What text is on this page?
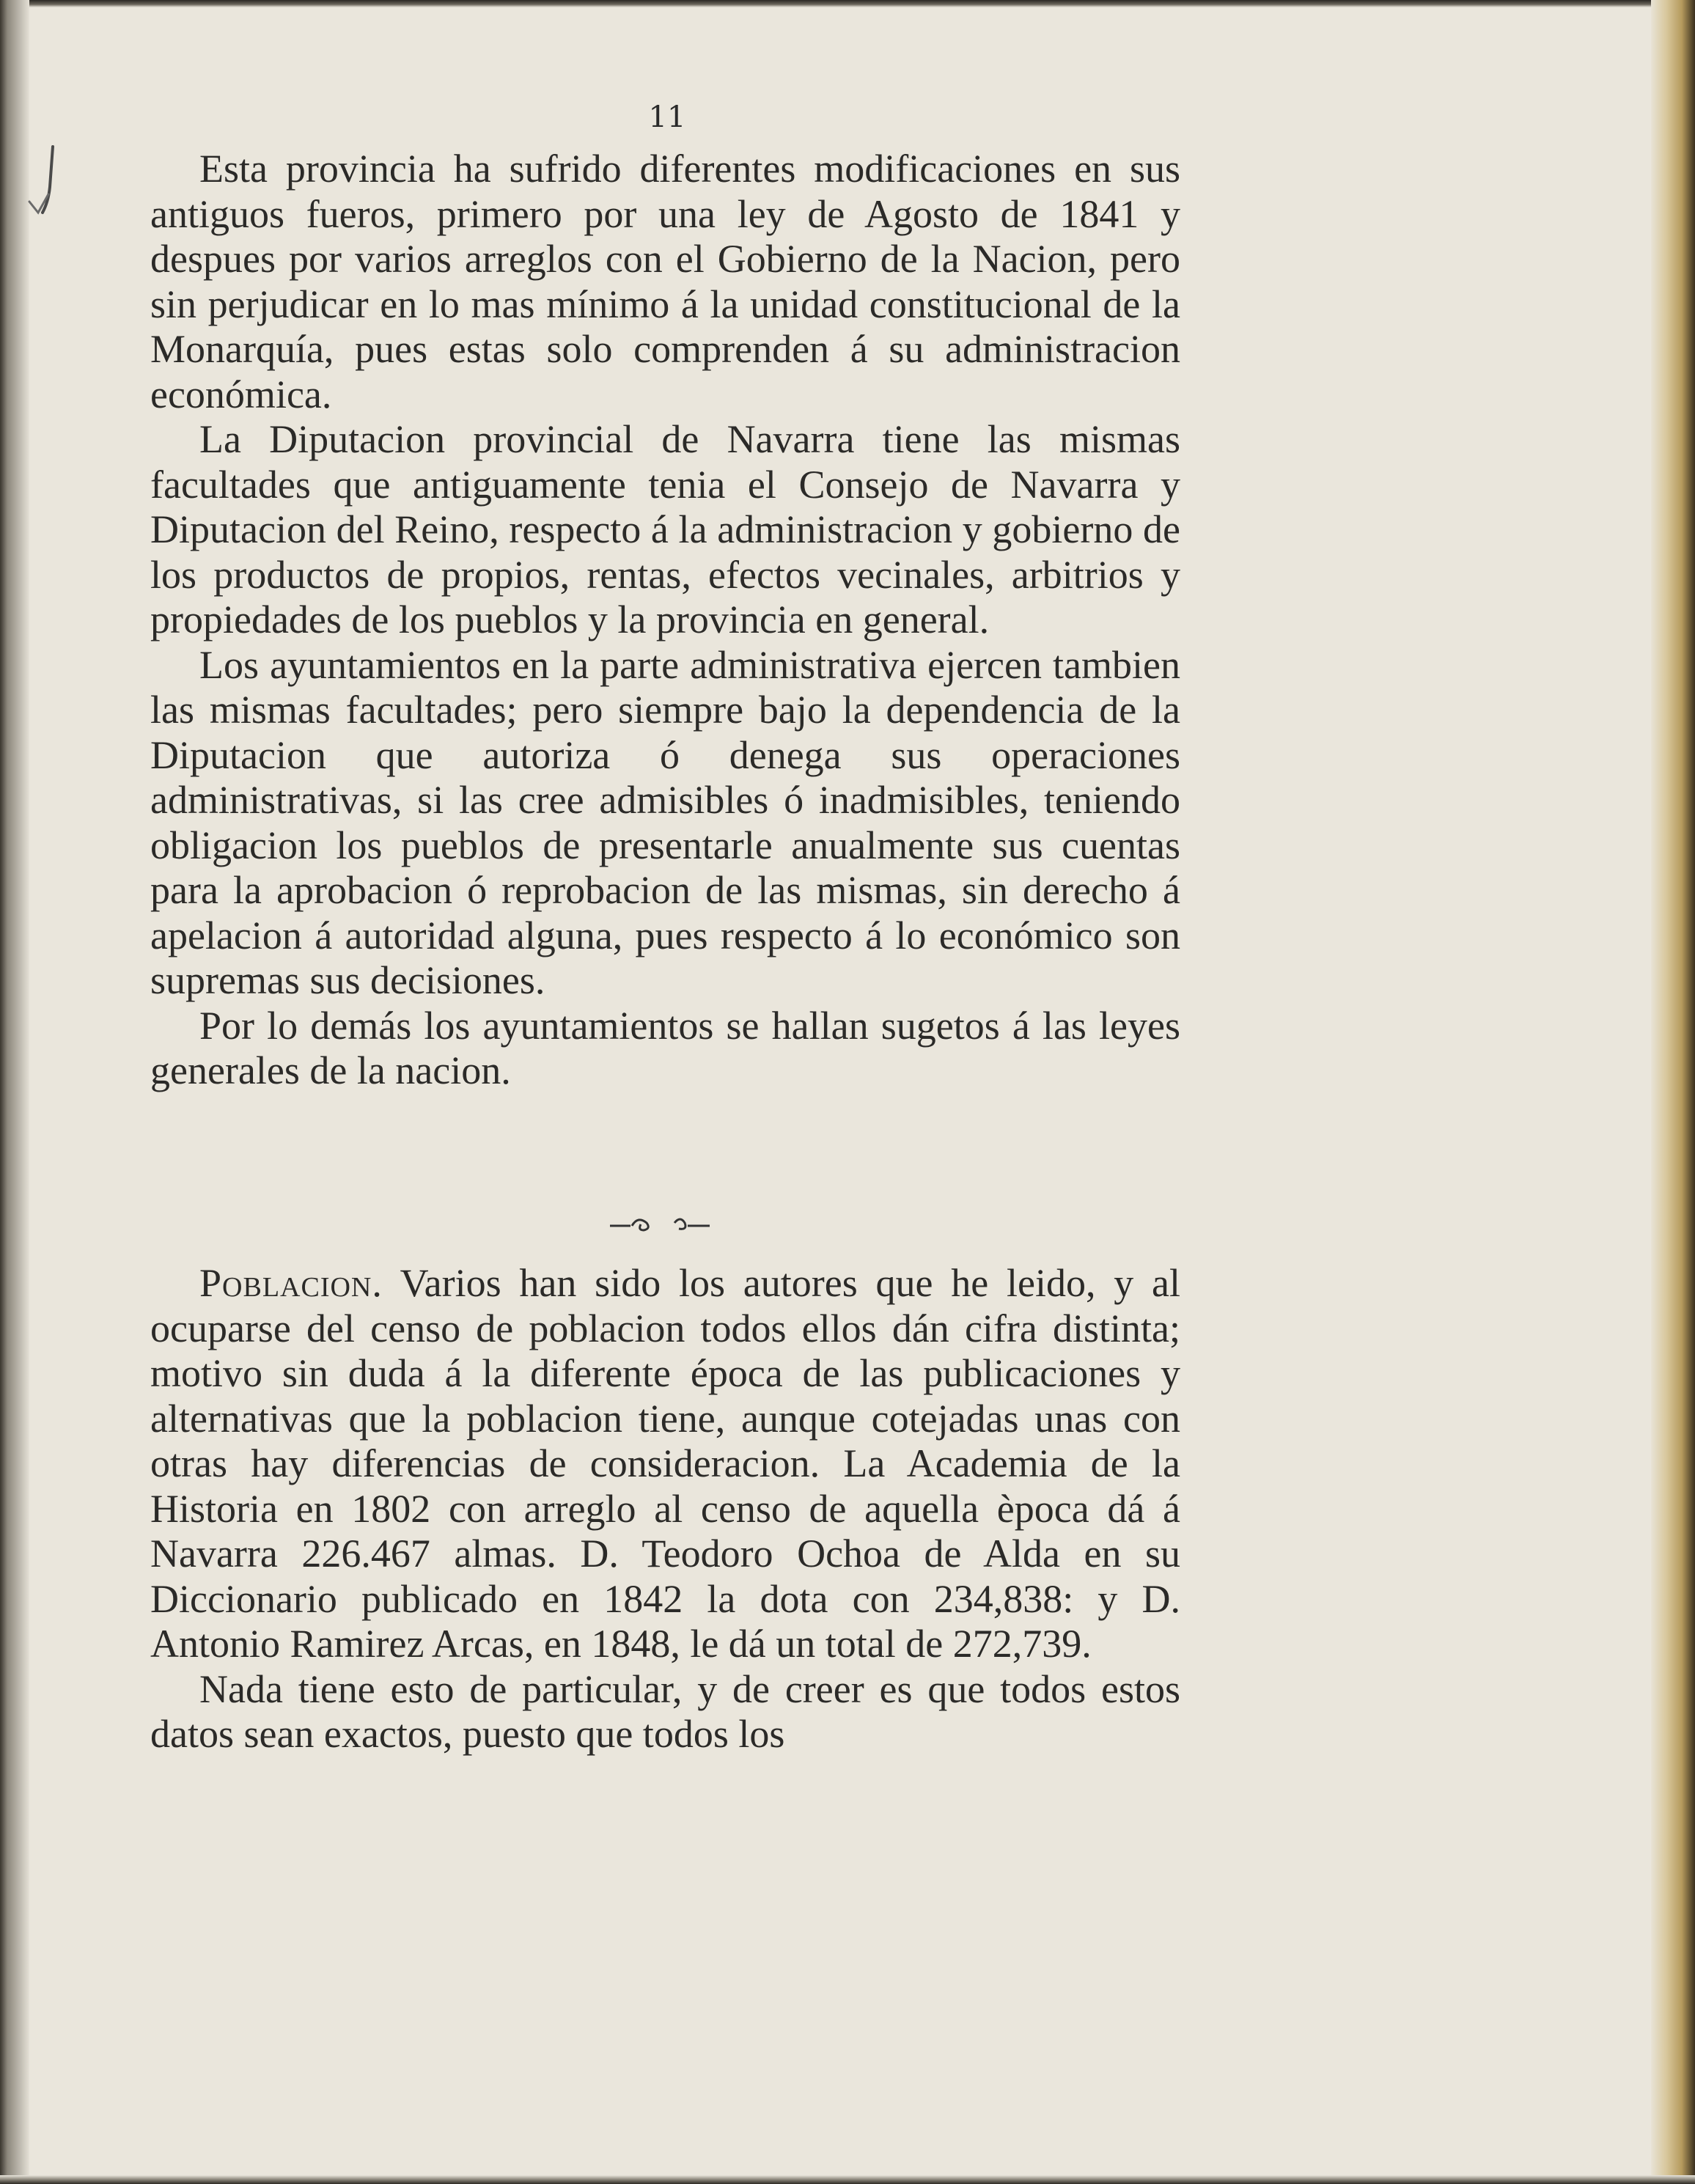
11

Esta provincia ha sufrido diferentes modificaciones en sus antiguos fueros, primero por una ley de Agosto de 1841 y despues por varios arreglos con el Gobierno de la Nacion, pero sin perjudicar en lo mas mínimo á la unidad constitucional de la Monarquía, pues estas solo comprenden á su administracion económica.

La Diputacion provincial de Navarra tiene las mismas facultades que antiguamente tenia el Consejo de Navarra y Diputacion del Reino, respecto á la administracion y gobierno de los productos de propios, rentas, efectos vecinales, arbitrios y propiedades de los pueblos y la provincia en general.

Los ayuntamientos en la parte administrativa ejercen tambien las mismas facultades; pero siempre bajo la dependencia de la Diputacion que autoriza ó denega sus operaciones administrativas, si las cree admisibles ó inadmisibles, teniendo obligacion los pueblos de presentarle anualmente sus cuentas para la aprobacion ó reprobacion de las mismas, sin derecho á apelacion á autoridad alguna, pues respecto á lo económico son supremas sus decisiones.

Por lo demás los ayuntamientos se hallan sugetos á las leyes generales de la nacion.

Poblacion. Varios han sido los autores que he leido, y al ocuparse del censo de poblacion todos ellos dán cifra distinta; motivo sin duda á la diferente época de las publicaciones y alternativas que la poblacion tiene, aunque cotejadas unas con otras hay diferencias de consideracion. La Academia de la Historia en 1802 con arreglo al censo de aquella època dá á Navarra 226.467 almas. D. Teodoro Ochoa de Alda en su Diccionario publicado en 1842 la dota con 234,838: y D. Antonio Ramirez Arcas, en 1848, le dá un total de 272,739.

Nada tiene esto de particular, y de creer es que todos estos datos sean exactos, puesto que todos los
